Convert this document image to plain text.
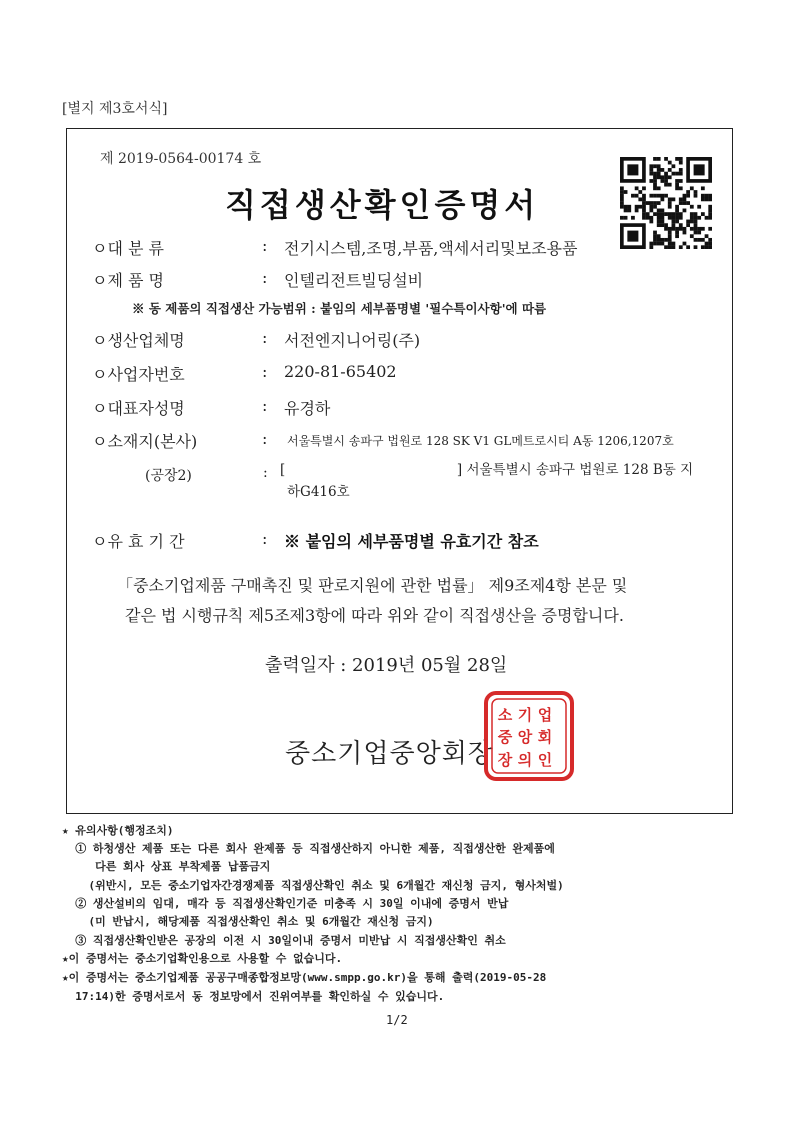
[별지 제3호서식]
제 2019-0564-00174 호
직접생산확인증명서
ㅇ대 분 류	: 전기시스템,조명,부품,액세서리및보조용품
ㅇ제 품 명	: 인텔리전트빌딩설비
※ 동 제품의 직접생산 가능범위 : 붙임의 세부품명별 '필수특이사항'에 따름
ㅇ생산업체명	: 서전엔지니어링(주)
ㅇ사업자번호	: 220-81-65402
ㅇ대표자성명	: 유경하
ㅇ소재지(본사)	: 서울특별시 송파구 법원로 128 SK V1 GL메트로시티 A동 1206,1207호
(공장2)	: [                                        ] 서울특별시 송파구 법원로 128 B동 지
하G416호
ㅇ유 효 기 간	: ※ 붙임의 세부품명별 유효기간 참조
「중소기업제품 구매촉진 및 판로지원에 관한 법률」 제9조제4항 본문 및
같은 법 시행규칙 제5조제3항에 따라 위와 같이 직접생산을 증명합니다.
출력일자 : 2019년 05월 28일
중소기업중앙회장
업
회
인
기
앙
의
소
중
장
★ 유의사항(행정조치)
① 하청생산 제품 또는 다른 회사 완제품 등 직접생산하지 아니한 제품, 직접생산한 완제품에
다른 회사 상표 부착제품 납품금지
(위반시, 모든 중소기업자간경쟁제품 직접생산확인 취소 및 6개월간 재신청 금지, 형사처벌)
② 생산설비의 임대, 매각 등 직접생산확인기준 미충족 시 30일 이내에 증명서 반납
(미 반납시, 해당제품 직접생산확인 취소 및 6개월간 재신청 금지)
③ 직접생산확인받은 공장의 이전 시 30일이내 증명서 미반납 시 직접생산확인 취소
★이 증명서는 중소기업확인용으로 사용할 수 없습니다.
★이 증명서는 중소기업제품 공공구매종합정보망(www.smpp.go.kr)을 통해 출력(2019-05-28
17:14)한 증명서로서 동 정보망에서 진위여부를 확인하실 수 있습니다.
1/2
